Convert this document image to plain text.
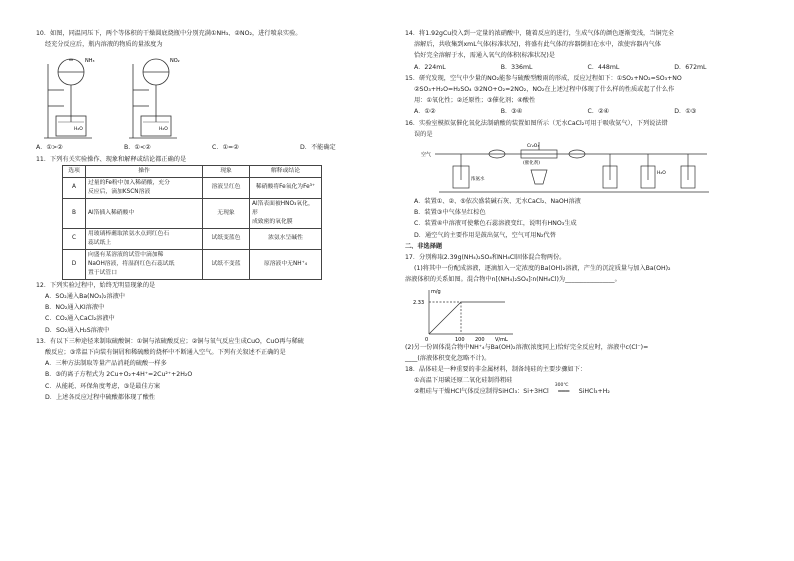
10．如图，同温同压下，两个等体积的干燥圆底烧瓶中分别充满①NH₃、②NO₂，进行喷泉实验。

经充分反应后，瓶内溶液的物质的量浓度为

NH₃	NO₂
H₂O	H₂O
A．①>②	B．①<②	C．①=②	D．不能确定

11．下列有关实验操作、现象和解释或结论都正确的是

选项	操作	现象	解释或结论
A	过量的Fe粉中加入稀硝酸，充分
反应后，滴加KSCN溶液	溶液呈红色	稀硝酸将Fe氧化为Fe³⁺
B	Al箔插入稀硝酸中	无现象	Al箔表面被HNO₃氧化，形
成致密的氧化膜
C	用玻璃棒蘸取浓氨水点到红色石
蕊试纸上	试纸变蓝色	浓氨水呈碱性
D	向盛有某溶液的试管中滴加稀
NaOH溶液，将湿润红色石蕊试纸
置于试管口	试纸不变蓝	原溶液中无NH⁺₄

12．下列实验过程中，始终无明显现象的是

A．SO₂通入Ba(NO₃)₂溶液中

B．NO₂通入KI溶液中

C．CO₂通入CaCl₂溶液中

D．SO₂通入H₂S溶液中

13．有以下三种途径来制取硫酸铜：①铜与浓硫酸反应；②铜与氧气反应生成CuO，CuO再与稀硫

酸反应；③常温下向装有铜屑和稀硫酸的烧杯中不断通入空气。下列有关叙述不正确的是

A．三种方法制取等量产品消耗的硫酸一样多

B．③的离子方程式为 2Cu+O₂+4H⁺=2Cu²⁺+2H₂O

C．从能耗、环保角度考虑，③是最佳方案

D．上述各反应过程中硫酸都体现了酸性

14．将1.92gCu投入到一定量的浓硝酸中，随着反应的进行，生成气体的颜色逐渐变浅，当铜完全

溶解后，共收集到xmL气体(标准状况)，将盛有此气体的容器倒扣在水中，欲使容器内气体

恰好完全溶解于水，需通入氧气的体积(标准状况)是

A．224mL	B．336mL	C．448mL	D．672mL

15．研究发现，空气中少量的NO₂能参与硫酸型酸雨的形成，反应过程如下：①SO₂+NO₂=SO₃+NO

②SO₃+H₂O=H₂SO₄ ③2NO+O₂=2NO₂，NO₂在上述过程中体现了什么样的性质或起了什么作

用：①氧化性；②还原性；③催化剂；④酸性

A．①②	B．③④	C．②④	D．①③

16．实验室模拟氨催化氧化法制硝酸的装置如图所示（无水CaCl₂可用于吸收氨气），下列说法错

误的是

空气
Cr₂O₃
(催化剂)
浓氨水
H₂O

A．装置①、②、⑤依次盛装碱石灰、无水CaCl₂、NaOH溶液

B．装置③中气体呈红棕色

C．装置④中溶液可使紫色石蕊溶液变红，说明有HNO₃生成

D．通空气的主要作用是鼓出氨气，空气可用N₂代替

二、非选择题

17．分别称取2.39g(NH₄)₂SO₄和NH₄Cl固体混合物两份。

(1)将其中一份配成溶液，逐滴加入一定浓度的Ba(OH)₂溶液，产生的沉淀质量与加入Ba(OH)₂

溶液体积的关系如图。混合物中n[(NH₄)₂SO₄]∶n(NH₄Cl)为________________。

m/g
2.33
0	100 200 V/mL

(2)另一份固体混合物中NH⁺₄与Ba(OH)₂溶液(浓度同上)恰好完全反应时，溶液中c(Cl⁻)=

____(溶液体积变化忽略不计)。

18．晶体硅是一种重要的非金属材料，制备纯硅的主要步骤如下：

①高温下用碳还原二氧化硅制得粗硅

②粗硅与干燥HCl气体反应制得SiHCl₃：Si+3HCl
300℃
═══ SiHCl₃+H₂
